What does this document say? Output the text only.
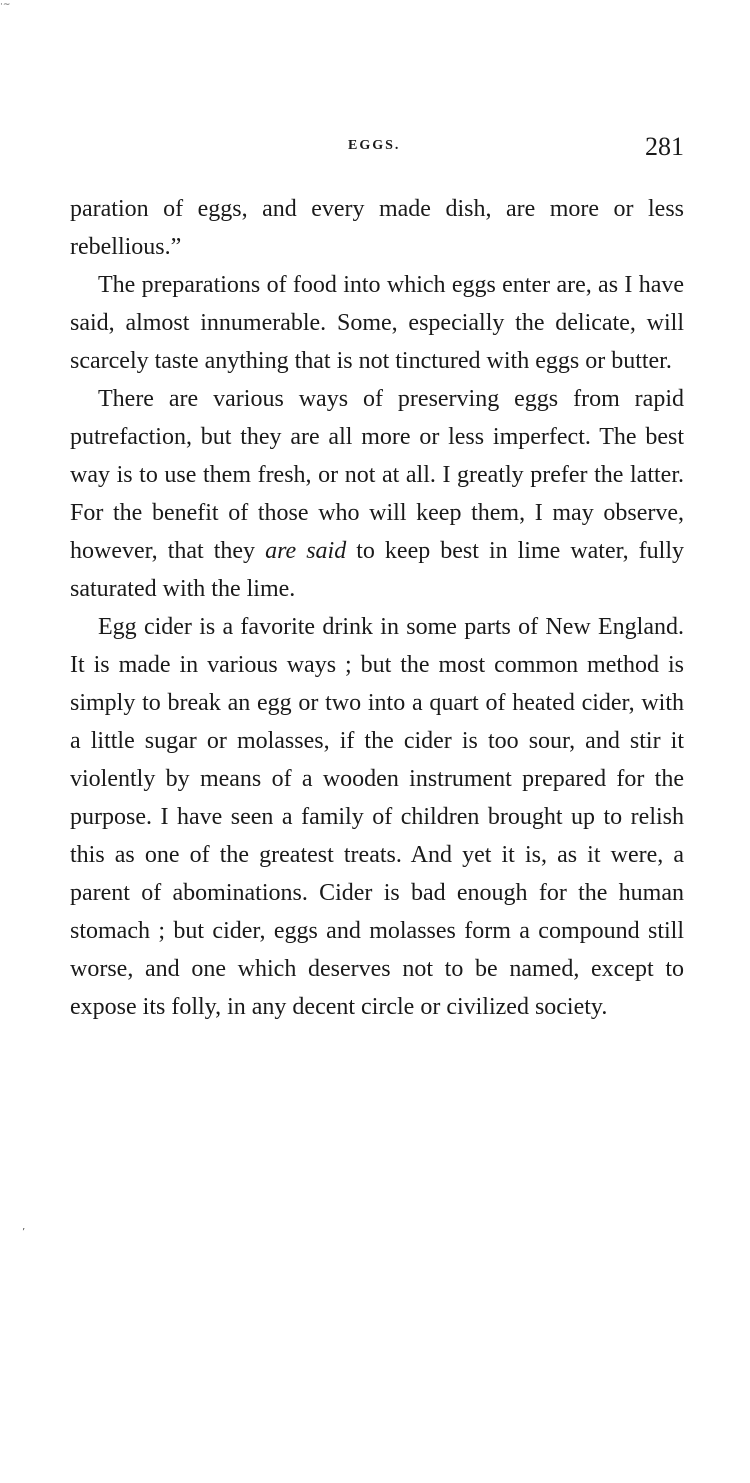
·~
EGGS.	281

paration of eggs, and every made dish, are more or less rebellious.”

The preparations of food into which eggs enter are, as I have said, almost innumerable. Some, especially the delicate, will scarcely taste anything that is not tinctured with eggs or butter.

There are various ways of preserving eggs from rapid putrefaction, but they are all more or less imperfect. The best way is to use them fresh, or not at all. I greatly prefer the latter. For the benefit of those who will keep them, I may observe, however, that they are said to keep best in lime water, fully saturated with the lime.

Egg cider is a favorite drink in some parts of New England. It is made in various ways ; but the most common method is simply to break an egg or two into a quart of heated cider, with a little sugar or molasses, if the cider is too sour, and stir it violently by means of a wooden instrument prepared for the purpose. I have seen a family of children brought up to relish this as one of the greatest treats. And yet it is, as it were, a parent of abominations. Cider is bad enough for the human stomach ; but cider, eggs and molasses form a compound still worse, and one which deserves not to be named, except to expose its folly, in any decent circle or civilized society.

’
